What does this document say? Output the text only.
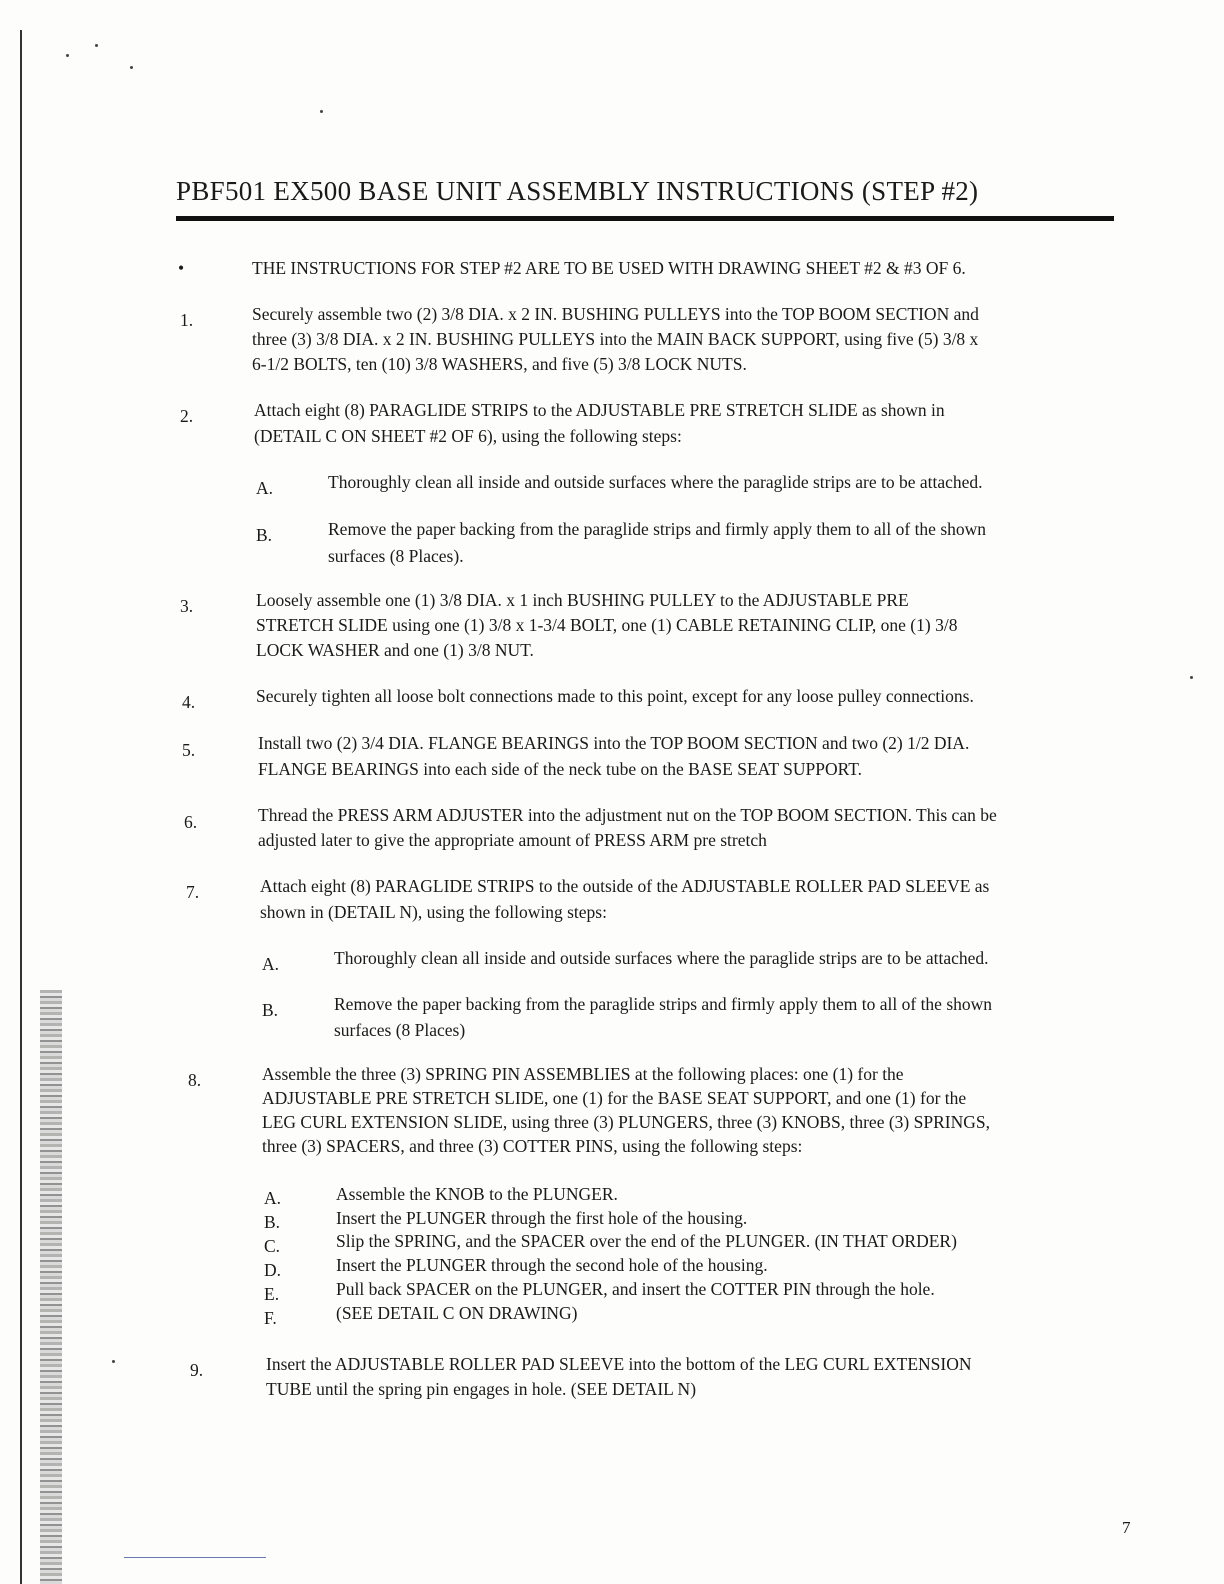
PBF501 EX500 BASE UNIT ASSEMBLY INSTRUCTIONS (STEP #2)
•	THE INSTRUCTIONS FOR STEP #2 ARE TO BE USED WITH DRAWING SHEET #2 & #3 OF 6.
1.	Securely assemble two (2) 3/8 DIA. x 2 IN. BUSHING PULLEYS into the TOP BOOM SECTION and
three (3) 3/8 DIA. x 2 IN. BUSHING PULLEYS into the MAIN BACK SUPPORT, using five (5) 3/8 x
6-1/2 BOLTS, ten (10) 3/8 WASHERS, and five (5) 3/8 LOCK NUTS.
2.	Attach eight (8) PARAGLIDE STRIPS to the ADJUSTABLE PRE STRETCH SLIDE as shown in
(DETAIL C ON SHEET #2 OF 6), using the following steps:
A.	Thoroughly clean all inside and outside surfaces where the paraglide strips are to be attached.
B.	Remove the paper backing from the paraglide strips and firmly apply them to all of the shown
surfaces (8 Places).
3.	Loosely assemble one (1) 3/8 DIA. x 1 inch BUSHING PULLEY to the ADJUSTABLE PRE
STRETCH SLIDE using one (1) 3/8 x 1-3/4 BOLT, one (1) CABLE RETAINING CLIP, one (1) 3/8
LOCK WASHER and one (1) 3/8 NUT.
4.	Securely tighten all loose bolt connections made to this point, except for any loose pulley connections.
5.	Install two (2) 3/4 DIA. FLANGE BEARINGS into the TOP BOOM SECTION and two (2) 1/2 DIA.
FLANGE BEARINGS into each side of the neck tube on the BASE SEAT SUPPORT.
6.	Thread the PRESS ARM ADJUSTER into the adjustment nut on the TOP BOOM SECTION. This can be
adjusted later to give the appropriate amount of PRESS ARM pre stretch
7.	Attach eight (8) PARAGLIDE STRIPS to the outside of the ADJUSTABLE ROLLER PAD SLEEVE as
shown in (DETAIL N), using the following steps:
A.	Thoroughly clean all inside and outside surfaces where the paraglide strips are to be attached.
B.	Remove the paper backing from the paraglide strips and firmly apply them to all of the shown
surfaces (8 Places)
8.	Assemble the three (3) SPRING PIN ASSEMBLIES at the following places: one (1) for the
ADJUSTABLE PRE STRETCH SLIDE, one (1) for the BASE SEAT SUPPORT, and one (1) for the
LEG CURL EXTENSION SLIDE, using three (3) PLUNGERS, three (3) KNOBS, three (3) SPRINGS,
three (3) SPACERS, and three (3) COTTER PINS, using the following steps:
A.	Assemble the KNOB to the PLUNGER.
B.	Insert the PLUNGER through the first hole of the housing.
C.	Slip the SPRING, and the SPACER over the end of the PLUNGER. (IN THAT ORDER)
D.	Insert the PLUNGER through the second hole of the housing.
E.	Pull back SPACER on the PLUNGER, and insert the COTTER PIN through the hole.
F.	(SEE DETAIL C ON DRAWING)
9.	Insert the ADJUSTABLE ROLLER PAD SLEEVE into the bottom of the LEG CURL EXTENSION
TUBE until the spring pin engages in hole. (SEE DETAIL N)
7
